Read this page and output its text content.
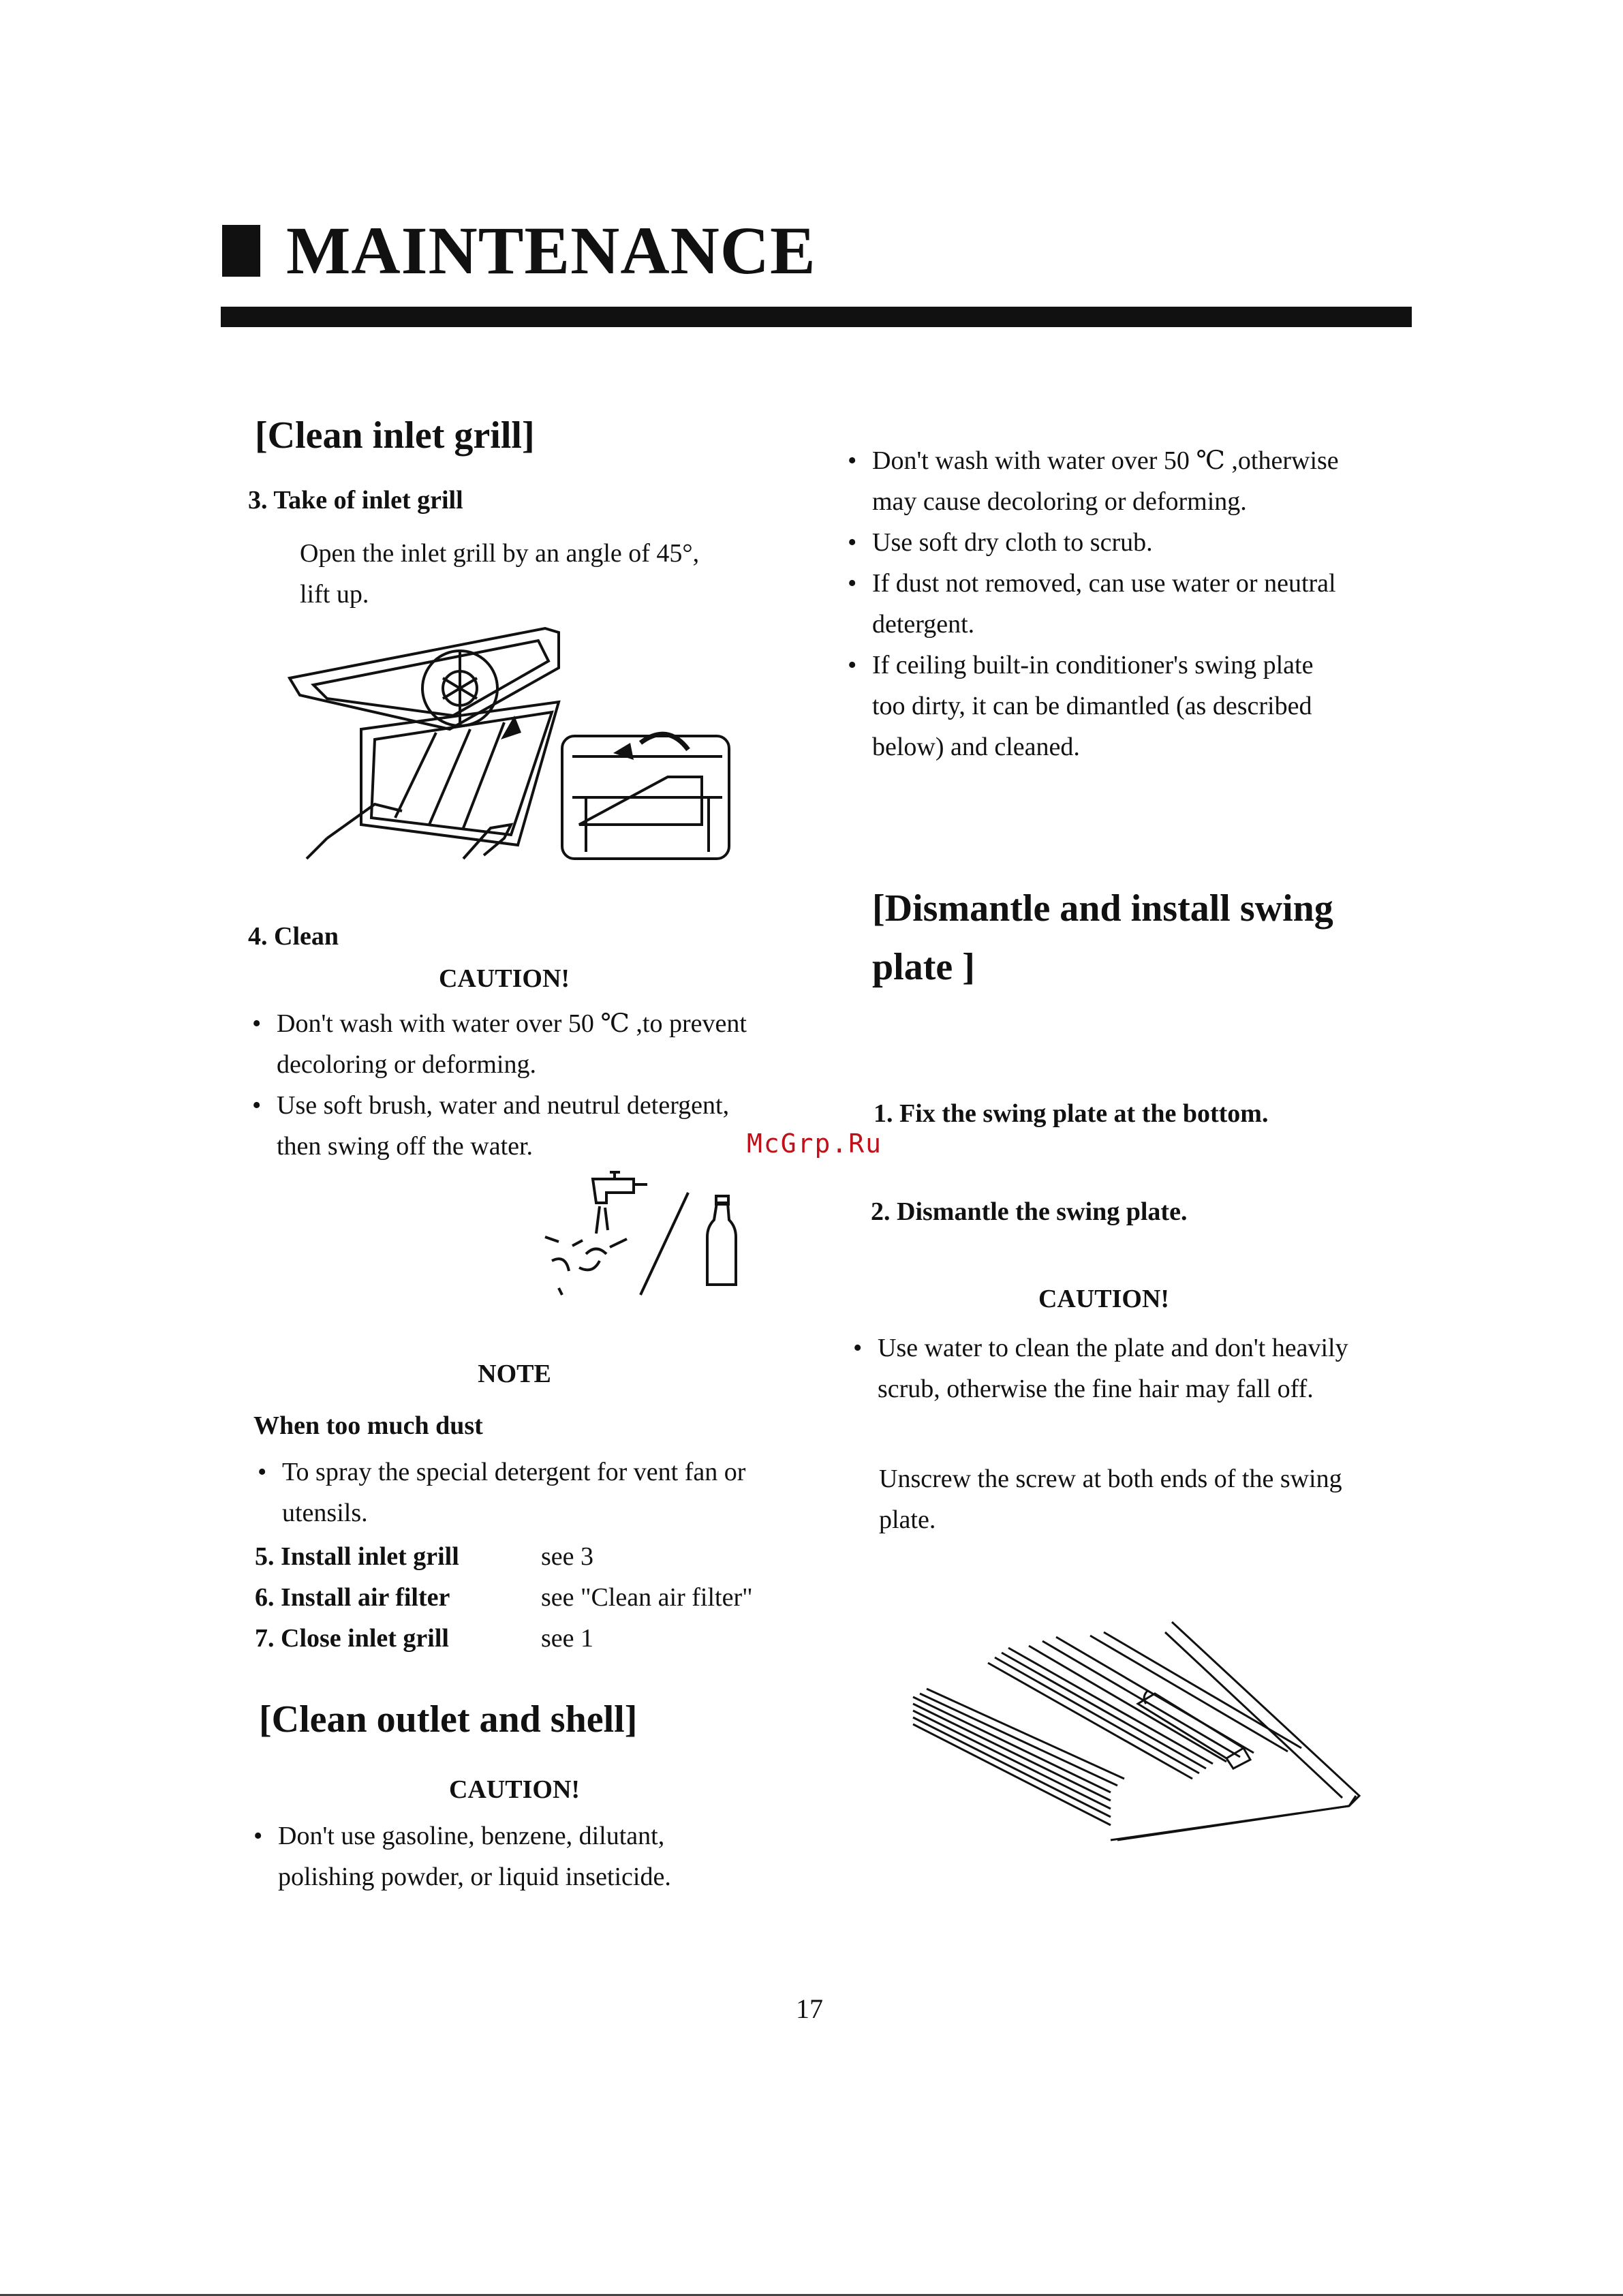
MAINTENANCE
[Clean inlet grill]
3. Take of inlet grill
Open the inlet grill by an angle of 45°,
lift up.
4. Clean
CAUTION!
• Don't wash with water over 50 ℃ ,to prevent
decoloring or deforming.
• Use soft brush, water and neutrul detergent,
then swing off the water.
NOTE
When too much dust
• To spray the special detergent for vent fan or
utensils.
5. Install inlet grill	see 3
6. Install air filter	see "Clean air filter"
7. Close inlet grill	see 1
[Clean outlet and shell]
CAUTION!
• Don't use gasoline, benzene, dilutant,
polishing powder, or liquid inseticide.
• Don't wash with water over 50 ℃ ,otherwise
may cause decoloring or deforming.
• Use soft dry cloth to scrub.
• If dust not removed, can use water or neutral
detergent.
• If ceiling built-in conditioner's swing plate
too dirty, it can be dimantled (as described
below) and cleaned.
[Dismantle and install swing
plate ]
1. Fix the swing plate at the bottom.
2. Dismantle the swing plate.
CAUTION!
• Use water to clean the plate and don't heavily
scrub, otherwise the fine hair may fall off.
Unscrew the screw at both ends of the swing
plate.
McGrp.Ru
17
